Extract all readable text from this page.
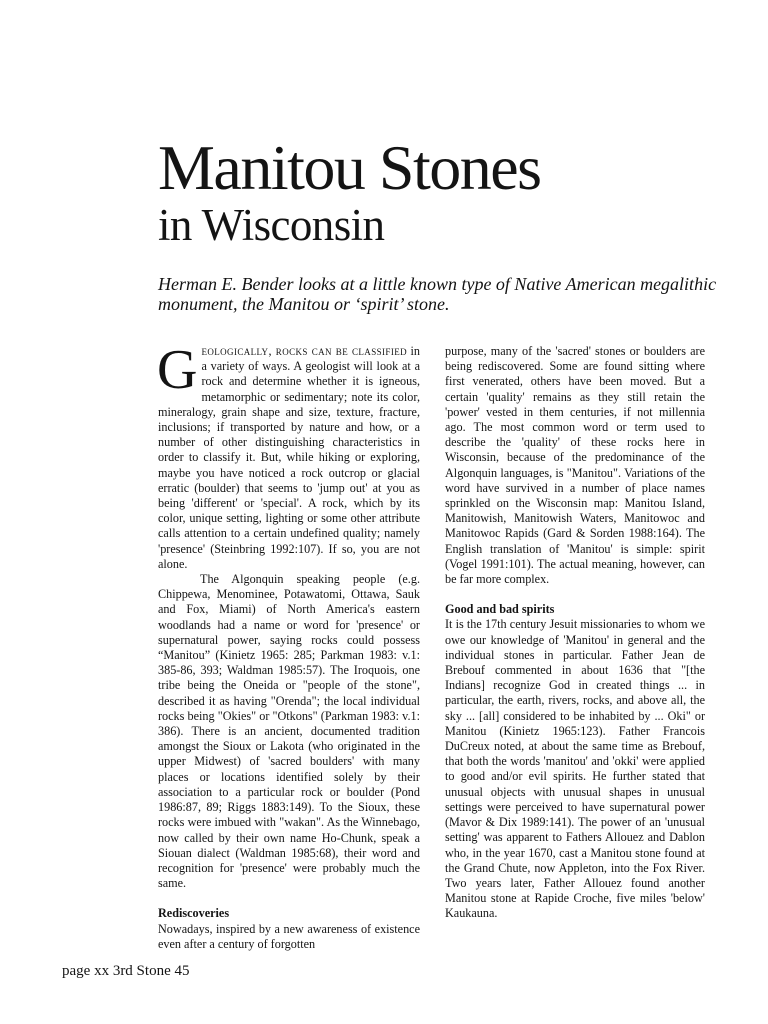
Manitou Stones
in Wisconsin

Herman E. Bender looks at a little known type of Native American megalithic monument, the Manitou or ‘spirit’ stone.

Geologically, rocks can be classified in a variety of ways. A geologist will look at a rock and determine whether it is igneous, metamorphic or sedimentary; note its color, mineralogy, grain shape and size, texture, fracture, inclusions; if transported by nature and how, or a number of other distinguishing characteristics in order to classify it. But, while hiking or exploring, maybe you have noticed a rock outcrop or glacial erratic (boulder) that seems to 'jump out' at you as being 'different' or 'special'. A rock, which by its color, unique setting, lighting or some other attribute calls attention to a certain undefined quality; namely 'presence' (Steinbring 1992:107). If so, you are not alone.

The Algonquin speaking people (e.g. Chippewa, Menominee, Potawatomi, Ottawa, Sauk and Fox, Miami) of North America's eastern woodlands had a name or word for 'presence' or supernatural power, saying rocks could possess “Manitou” (Kinietz 1965: 285; Parkman 1983: v.1: 385-86, 393; Waldman 1985:57). The Iroquois, one tribe being the Oneida or "people of the stone", described it as having "Orenda"; the local individual rocks being "Okies" or "Otkons" (Parkman 1983: v.1: 386). There is an ancient, documented tradition amongst the Sioux or Lakota (who originated in the upper Midwest) of 'sacred boulders' with many places or locations identified solely by their association to a particular rock or boulder (Pond 1986:87, 89; Riggs 1883:149). To the Sioux, these rocks were imbued with "wakan". As the Winnebago, now called by their own name Ho-Chunk, speak a Siouan dialect (Waldman 1985:68), their word and recognition for 'presence' were probably much the same.

Rediscoveries

Nowadays, inspired by a new awareness of existence even after a century of forgotten

purpose, many of the 'sacred' stones or boulders are being rediscovered. Some are found sitting where first venerated, others have been moved. But a certain 'quality' remains as they still retain the 'power' vested in them centuries, if not millennia ago. The most common word or term used to describe the 'quality' of these rocks here in Wisconsin, because of the predominance of the Algonquin languages, is "Manitou". Variations of the word have survived in a number of place names sprinkled on the Wisconsin map: Manitou Island, Manitowish, Manitowish Waters, Manitowoc and Manitowoc Rapids (Gard & Sorden 1988:164). The English translation of 'Manitou' is simple: spirit (Vogel 1991:101). The actual meaning, however, can be far more complex.

Good and bad spirits

It is the 17th century Jesuit missionaries to whom we owe our knowledge of 'Manitou' in general and the individual stones in particular. Father Jean de Brebouf commented in about 1636 that "[the Indians] recognize God in created things ... in particular, the earth, rivers, rocks, and above all, the sky ... [all] considered to be inhabited by ... Oki" or Manitou (Kinietz 1965:123). Father Francois DuCreux noted, at about the same time as Brebouf, that both the words 'manitou' and 'okki' were applied to good and/or evil spirits. He further stated that unusual objects with unusual shapes in unusual settings were perceived to have supernatural power (Mavor & Dix 1989:141). The power of an 'unusual setting' was apparent to Fathers Allouez and Dablon who, in the year 1670, cast a Manitou stone found at the Grand Chute, now Appleton, into the Fox River. Two years later, Father Allouez found another Manitou stone at Rapide Croche, five miles 'below' Kaukauna.

page xx 3rd Stone 45
